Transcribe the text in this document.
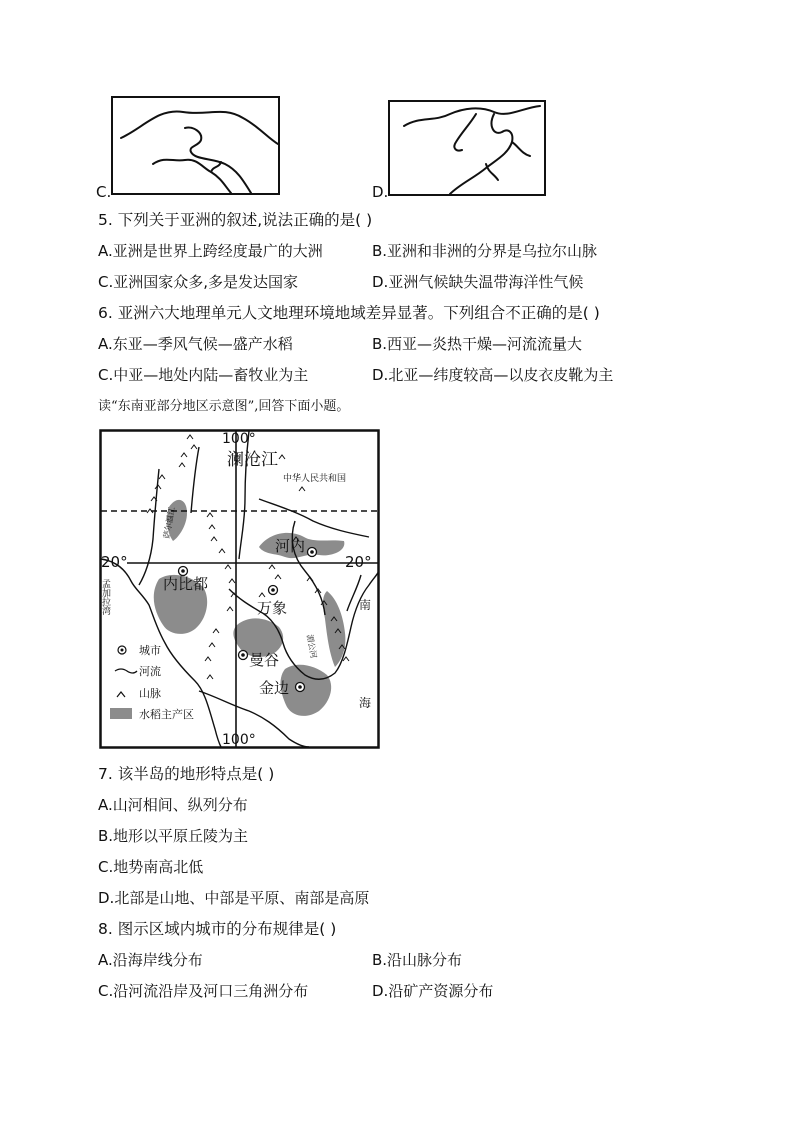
C.	D.
5. 下列关于亚洲的叙述,说法正确的是( )
A.亚洲是世界上跨经度最广的大洲	B.亚洲和非洲的分界是乌拉尔山脉
C.亚洲国家众多,多是发达国家	D.亚洲气候缺失温带海洋性气候
6. 亚洲六大地理单元人文地理环境地域差异显著。下列组合不正确的是( )
A.东亚—季风气候—盛产水稻	B.西亚—炎热干燥—河流流量大
C.中亚—地处内陆—畜牧业为主	D.北亚—纬度较高—以皮衣皮靴为主
读“东南亚部分地区示意图”,回答下面小题。
100°
100°
20°	20°
澜沧江
中华人民共和国
河内
内比都
万象
曼谷
金边
萨尔温江
湄公河
孟加拉湾	南
海
城市
河流
山脉
水稻主产区
7. 该半岛的地形特点是( )
A.山河相间、纵列分布
B.地形以平原丘陵为主
C.地势南高北低
D.北部是山地、中部是平原、南部是高原
8. 图示区域内城市的分布规律是( )
A.沿海岸线分布	B.沿山脉分布
C.沿河流沿岸及河口三角洲分布	D.沿矿产资源分布
